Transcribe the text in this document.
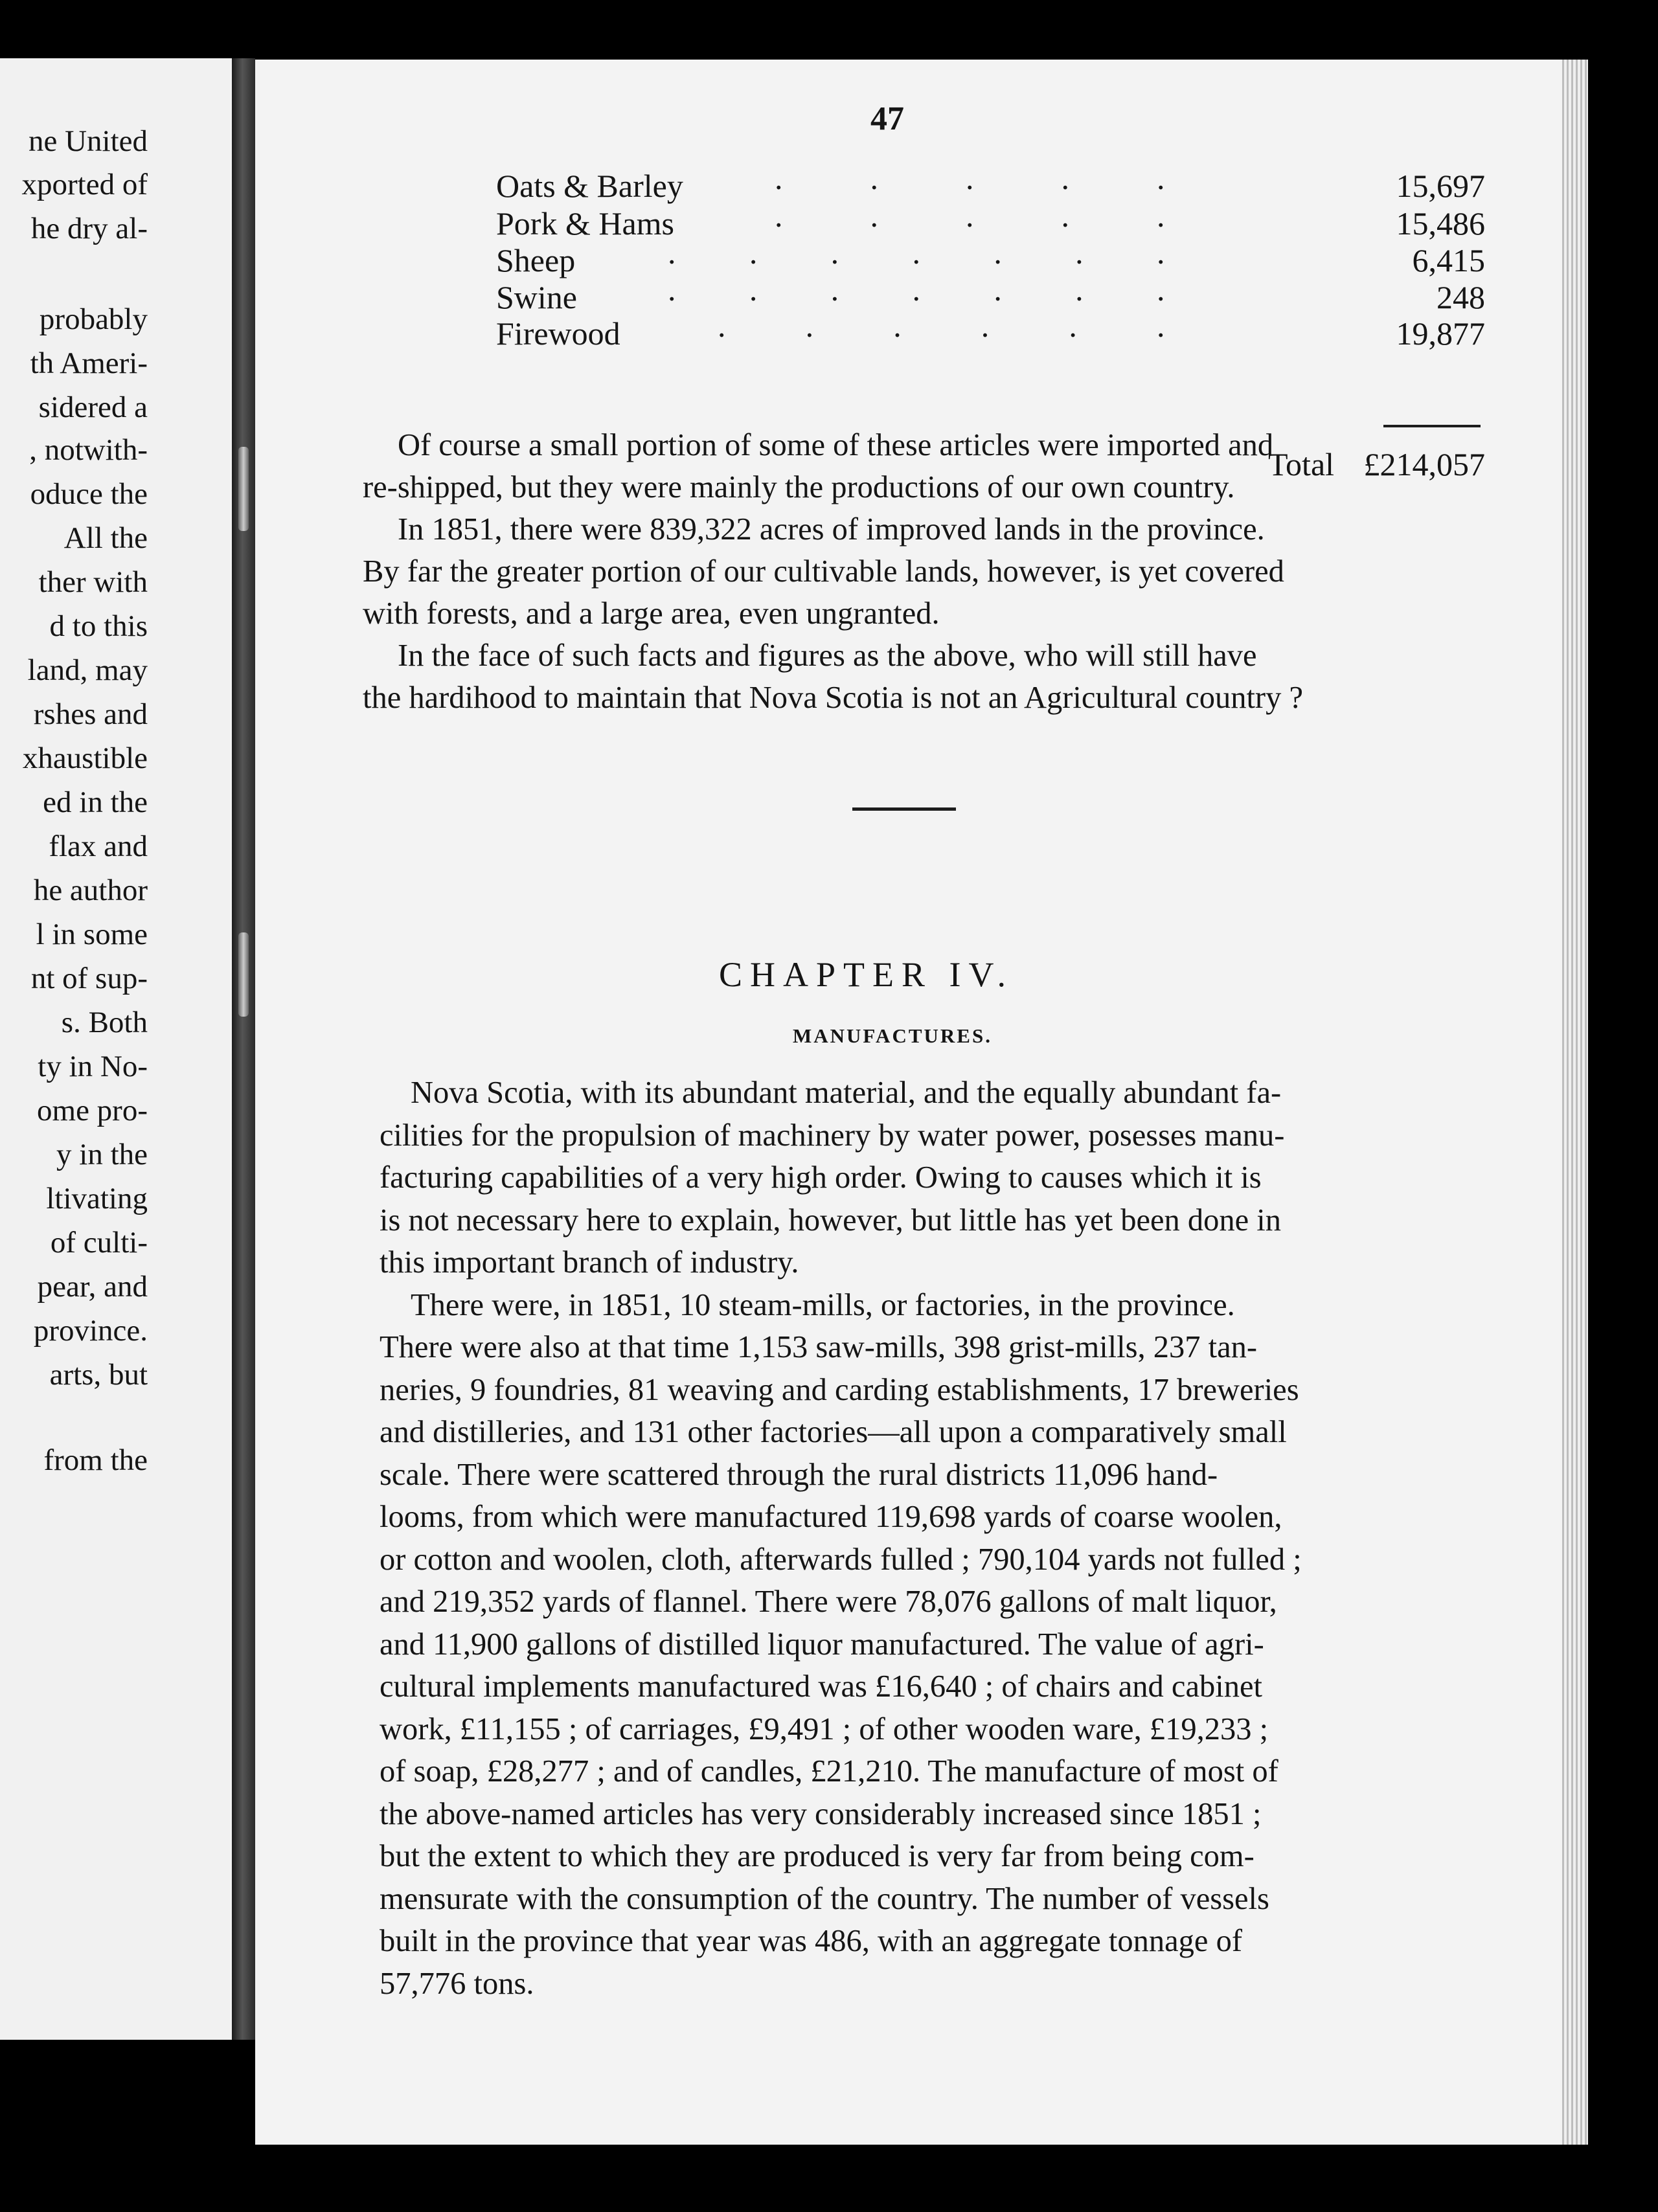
ne United
xported of
he dry al-
probably
th Ameri-
sidered a
, notwith-
oduce the
All the
ther with
d to this
land, may
rshes and
xhaustible
ed in the
flax and
he author
l in some
nt of sup-
s. Both
ty in No-
ome pro-
y in the
ltivating
of culti-
pear, and
province.
arts, but
from the
47
Oats & Barley	.	.	.	.	.	15,697
Pork & Hams	.	.	.	.	.	15,486
Sheep	. . . . . . .	6,415
Swine	. . . . . . .	248
Firewood	. . . . . .	19,877
Total £214,057
Of course a small portion of some of these articles were imported and
re-shipped, but they were mainly the productions of our own country.
In 1851, there were 839,322 acres of improved lands in the province.
By far the greater portion of our cultivable lands, however, is yet covered
with forests, and a large area, even ungranted.
In the face of such facts and figures as the above, who will still have
the hardihood to maintain that Nova Scotia is not an Agricultural country ?
CHAPTER IV.
MANUFACTURES.
Nova Scotia, with its abundant material, and the equally abundant fa-
cilities for the propulsion of machinery by water power, posesses manu-
facturing capabilities of a very high order. Owing to causes which it is
is not necessary here to explain, however, but little has yet been done in
this important branch of industry.
There were, in 1851, 10 steam-mills, or factories, in the province.
There were also at that time 1,153 saw-mills, 398 grist-mills, 237 tan-
neries, 9 foundries, 81 weaving and carding establishments, 17 breweries
and distilleries, and 131 other factories—all upon a comparatively small
scale. There were scattered through the rural districts 11,096 hand-
looms, from which were manufactured 119,698 yards of coarse woolen,
or cotton and woolen, cloth, afterwards fulled ; 790,104 yards not fulled ;
and 219,352 yards of flannel. There were 78,076 gallons of malt liquor,
and 11,900 gallons of distilled liquor manufactured. The value of agri-
cultural implements manufactured was £16,640 ; of chairs and cabinet
work, £11,155 ; of carriages, £9,491 ; of other wooden ware, £19,233 ;
of soap, £28,277 ; and of candles, £21,210. The manufacture of most of
the above-named articles has very considerably increased since 1851 ;
but the extent to which they are produced is very far from being com-
mensurate with the consumption of the country. The number of vessels
built in the province that year was 486, with an aggregate tonnage of
57,776 tons.
